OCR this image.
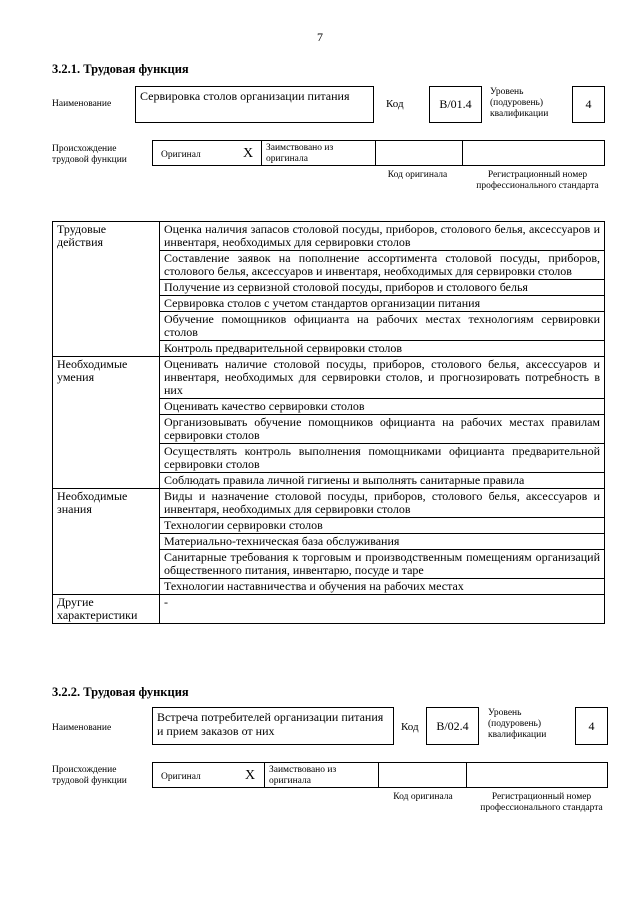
7
3.2.1. Трудовая функция
Наименование
Сервировка столов организации питания
Код	В/01.4
Уровень (подуровень) квалификации
4
Происхождение трудовой функции	Оригинал	X Заимствовано из оригинала
Код оригинала	Регистрационный номер профессионального стандарта
Трудовые действия	Оценка наличия запасов столовой посуды, приборов, столового белья, аксессуаров и инвентаря, необходимых для сервировки столов
	Составление заявок на пополнение ассортимента столовой посуды, приборов, столового белья, аксессуаров и инвентаря, необходимых для сервировки столов
	Получение из сервизной столовой посуды, приборов и столового белья
	Сервировка столов с учетом стандартов организации питания
	Обучение помощников официанта на рабочих местах технологиям сервировки столов
	Контроль предварительной сервировки столов
Необходимые умения	Оценивать наличие столовой посуды, приборов, столового белья, аксессуаров и инвентаря, необходимых для сервировки столов, и прогнозировать потребность в них
	Оценивать качество сервировки столов
	Организовывать обучение помощников официанта на рабочих местах правилам сервировки столов
	Осуществлять контроль выполнения помощниками официанта предварительной сервировки столов
	Соблюдать правила личной гигиены и выполнять санитарные правила
Необходимые знания	Виды и назначение столовой посуды, приборов, столового белья, аксессуаров и инвентаря, необходимых для сервировки столов
	Технологии сервировки столов
	Материально-техническая база обслуживания
	Санитарные требования к торговым и производственным помещениям организаций общественного питания, инвентарю, посуде и таре
	Технологии наставничества и обучения на рабочих местах
Другие характеристики	-
3.2.2. Трудовая функция
Наименование
Встреча потребителей организации питания и прием заказов от них	Код В/02.4
Уровень (подуровень) квалификации
4
Происхождение трудовой функции	Оригинал	X Заимствовано из оригинала
Код оригинала	Регистрационный номер профессионального стандарта
